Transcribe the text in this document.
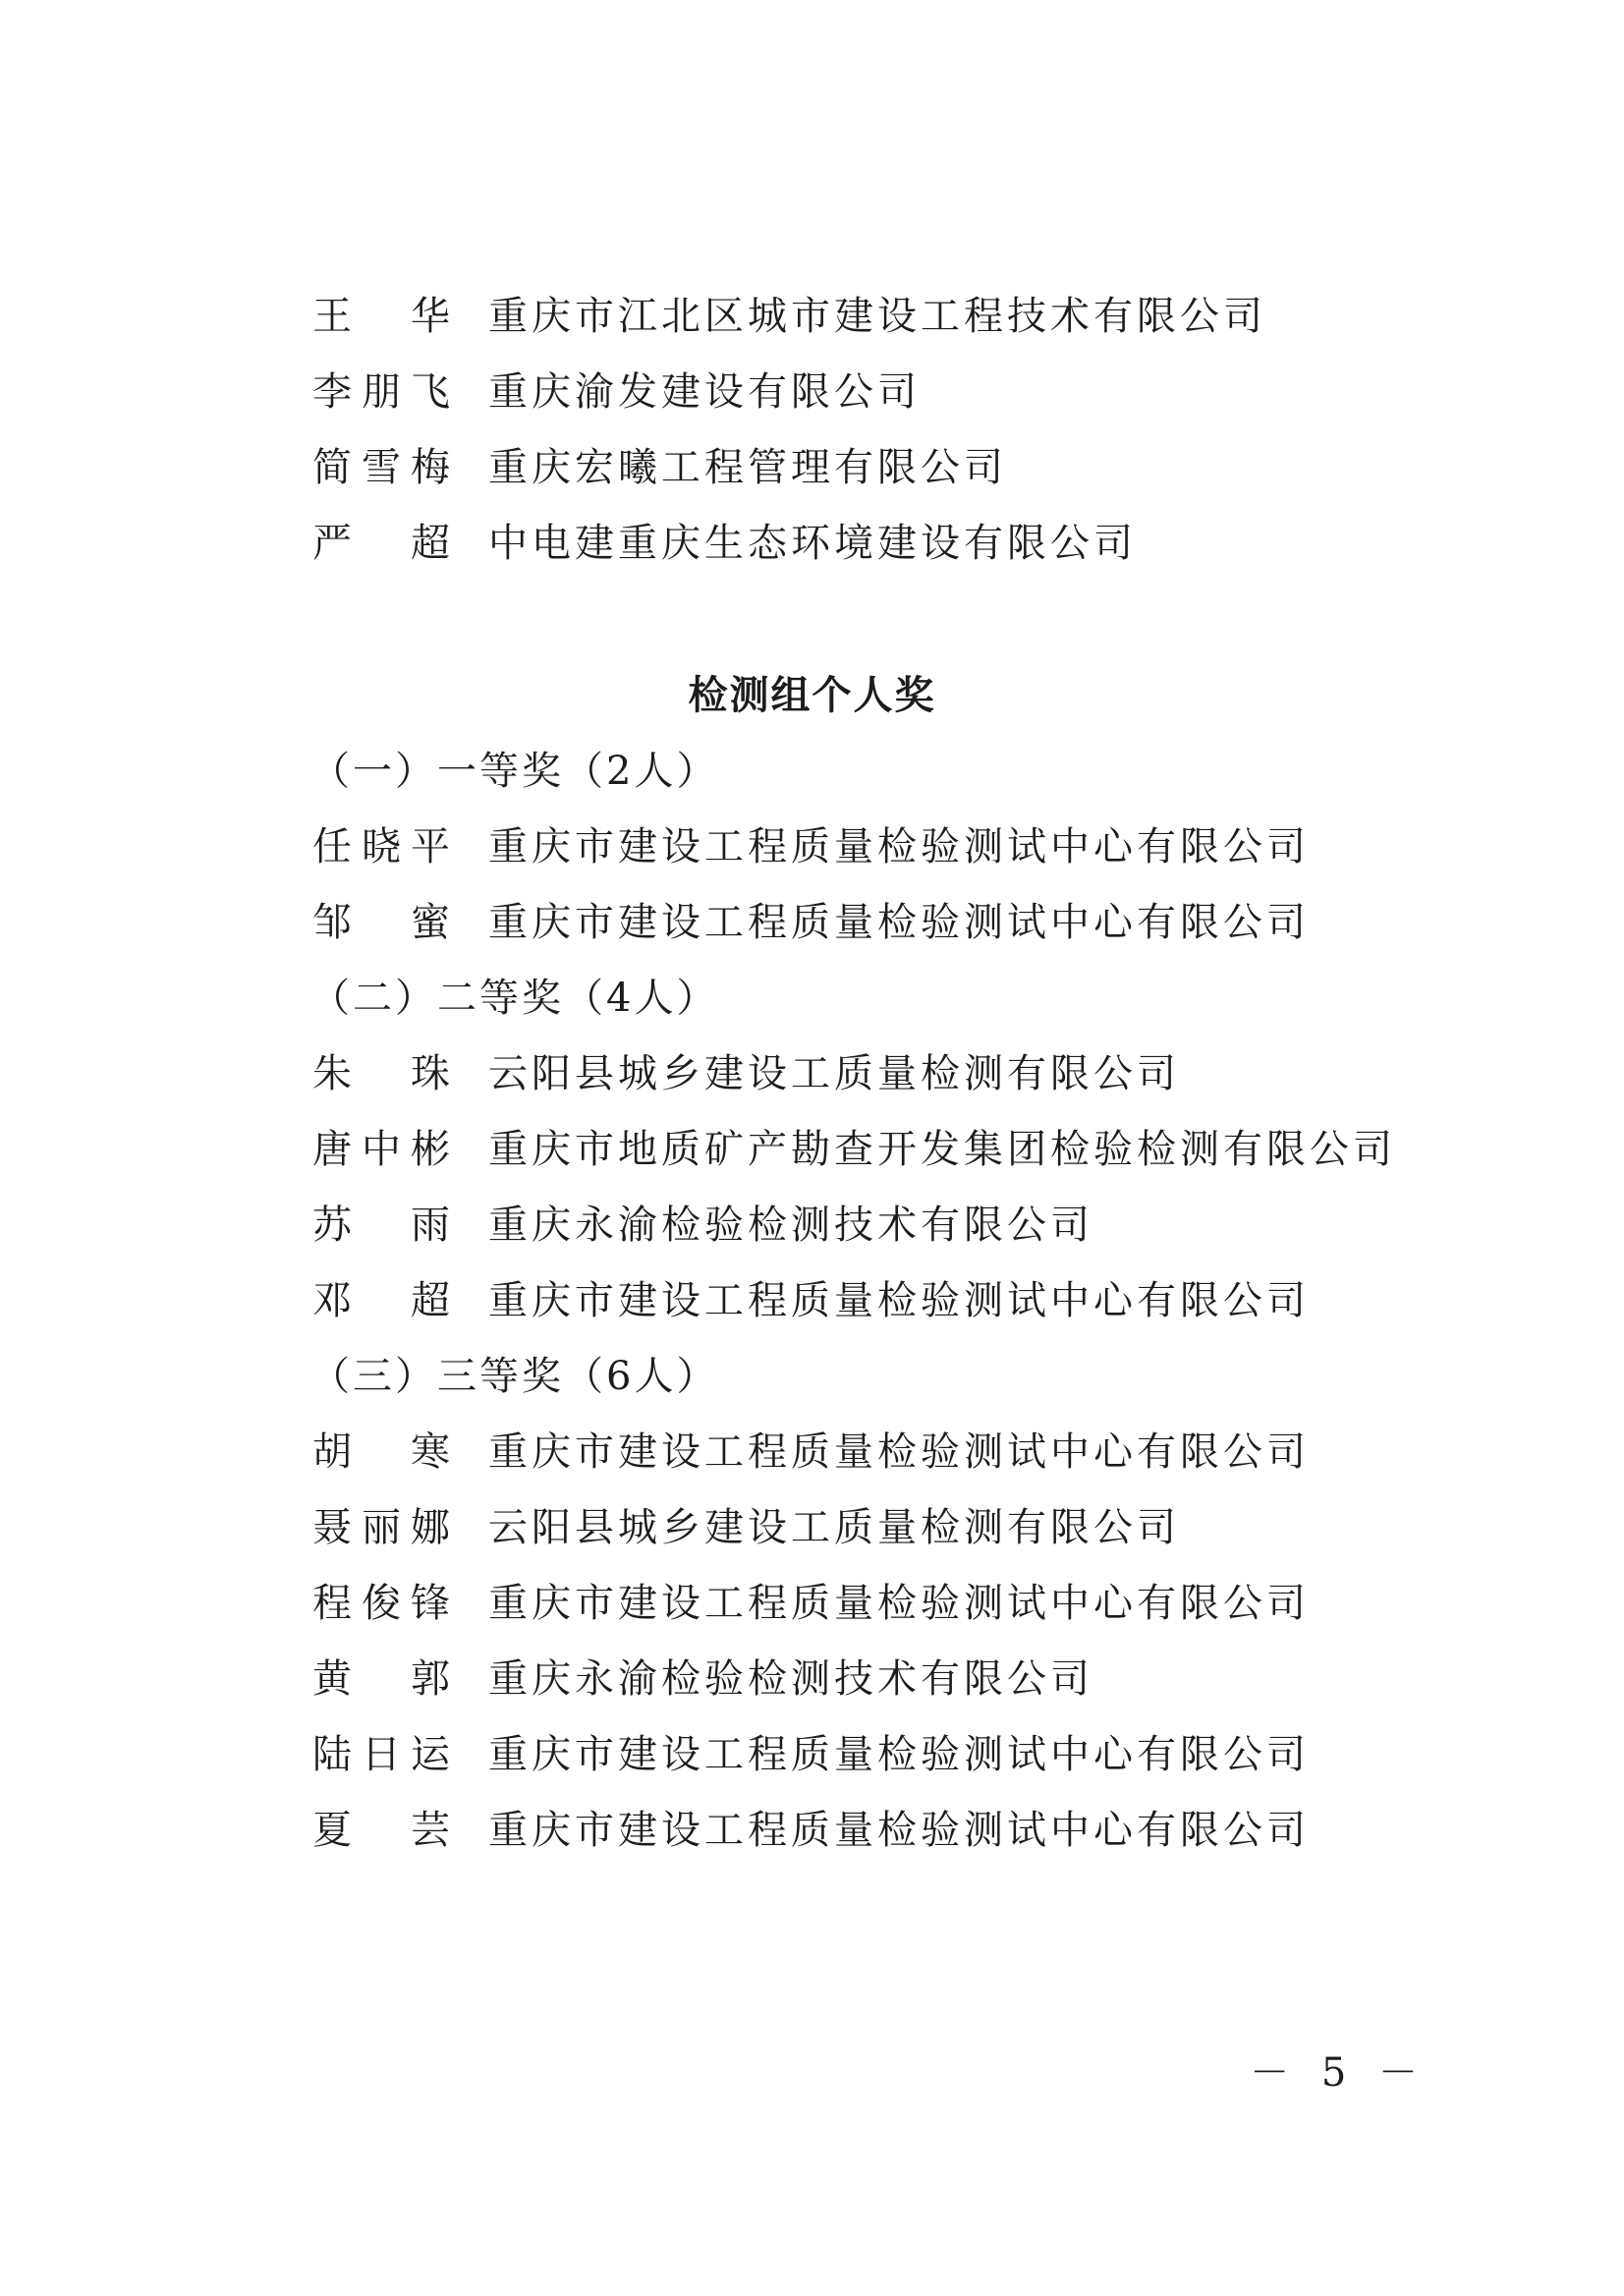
王 华 重庆市江北区城市建设工程技术有限公司
李 朋 飞 重庆渝发建设有限公司
简 雪 梅 重庆宏曦工程管理有限公司
严 超 中电建重庆生态环境建设有限公司
检测组个人奖
（一）一等奖（2人）
任 晓 平 重庆市建设工程质量检验测试中心有限公司
邹 蜜 重庆市建设工程质量检验测试中心有限公司
（二）二等奖（4人）
朱 珠 云阳县城乡建设工质量检测有限公司
唐 中 彬 重庆市地质矿产勘查开发集团检验检测有限公司
苏 雨 重庆永渝检验检测技术有限公司
邓 超 重庆市建设工程质量检验测试中心有限公司
（三）三等奖（6人）
胡 寒 重庆市建设工程质量检验测试中心有限公司
聂 丽 娜 云阳县城乡建设工质量检测有限公司
程 俊 锋 重庆市建设工程质量检验测试中心有限公司
黄 郭 重庆永渝检验检测技术有限公司
陆 日 运 重庆市建设工程质量检验测试中心有限公司
夏 芸 重庆市建设工程质量检验测试中心有限公司
－ 5 －
